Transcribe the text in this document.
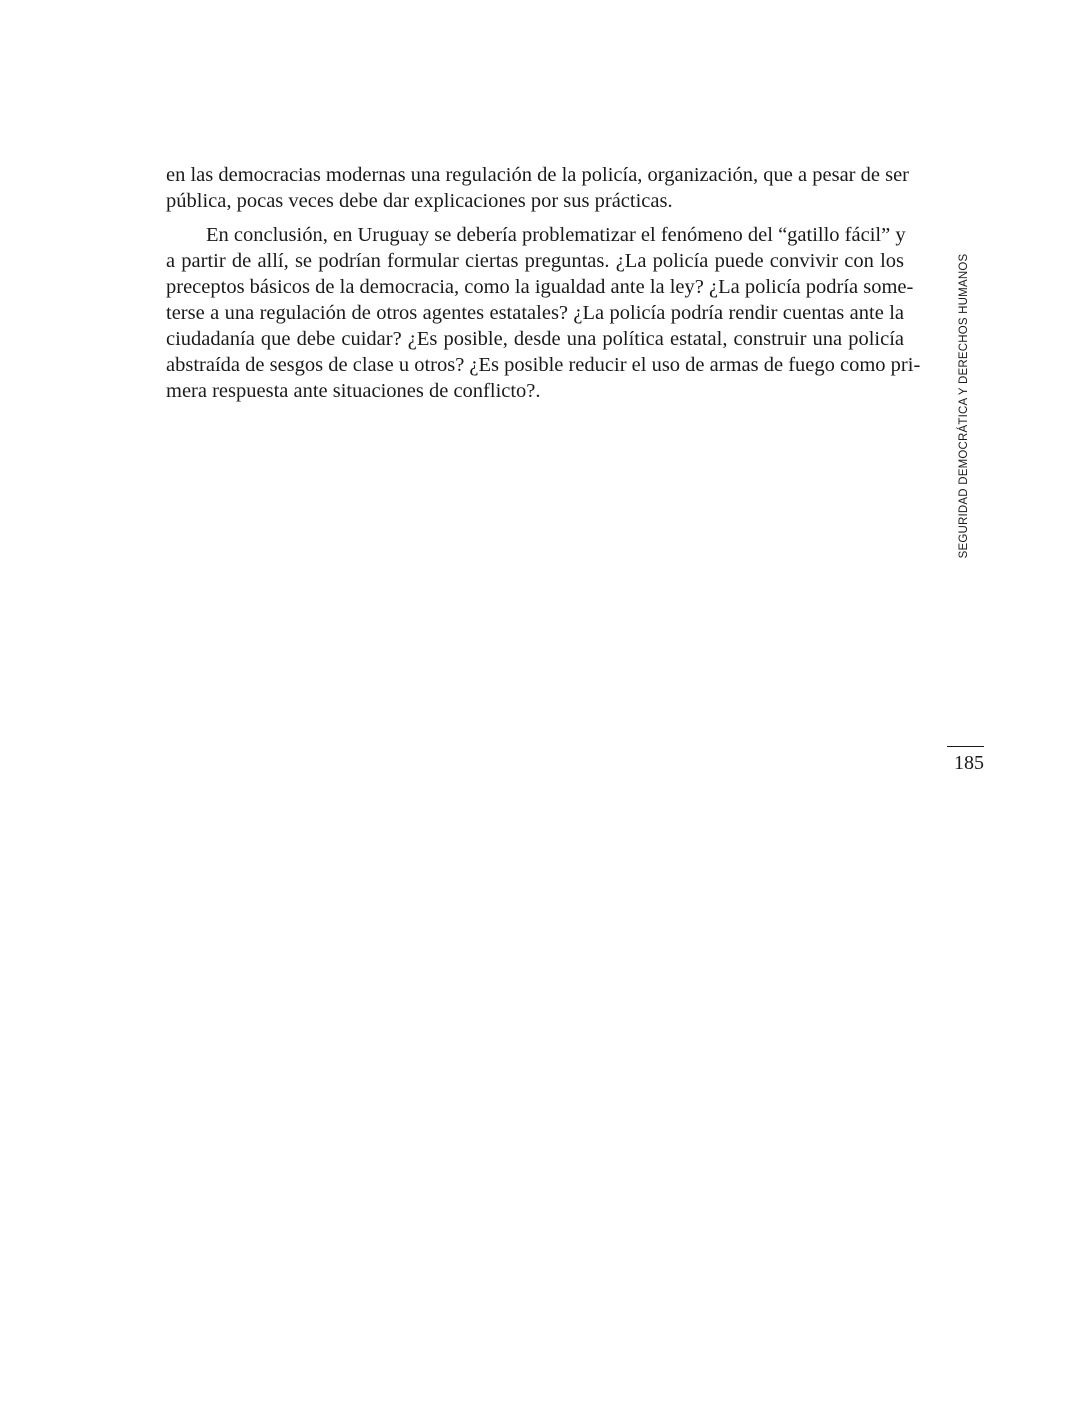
en las democracias modernas una regulación de la policía, organización, que a pesar de ser
pública, pocas veces debe dar explicaciones por sus prácticas.
En conclusión, en Uruguay se debería problematizar el fenómeno del “gatillo fácil” y
a partir de allí, se podrían formular ciertas preguntas. ¿La policía puede convivir con los
preceptos básicos de la democracia, como la igualdad ante la ley? ¿La policía podría some-
terse a una regulación de otros agentes estatales? ¿La policía podría rendir cuentas ante la
ciudadanía que debe cuidar? ¿Es posible, desde una política estatal, construir una policía
abstraída de sesgos de clase u otros? ¿Es posible reducir el uso de armas de fuego como pri-
mera respuesta ante situaciones de conflicto?.	SEGURIDAD DEMOCRÁTICA Y DERECHOS HUMANOS
185
